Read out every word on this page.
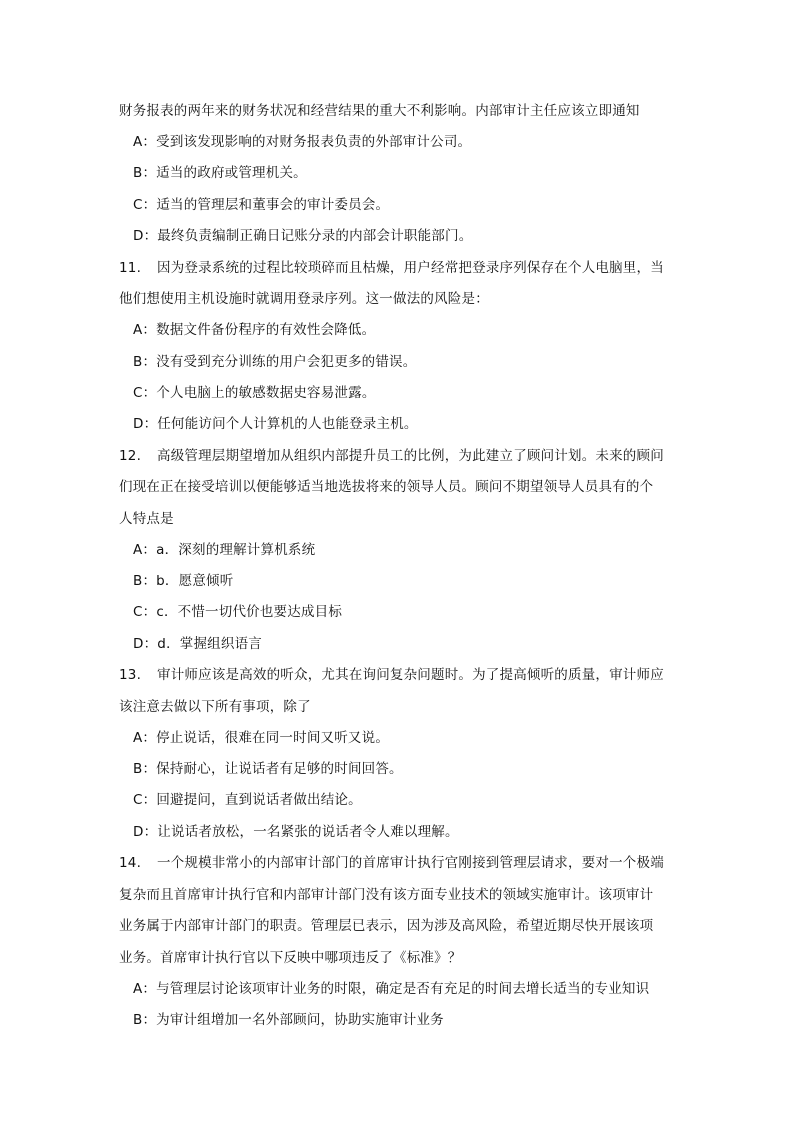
财务报表的两年来的财务状况和经营结果的重大不利影响。内部审计主任应该立即通知
A：受到该发现影响的对财务报表负责的外部审计公司。
B：适当的政府或管理机关。
C：适当的管理层和董事会的审计委员会。
D：最终负责编制正确日记账分录的内部会计职能部门。
11. 因为登录系统的过程比较琐碎而且枯燥，用户经常把登录序列保存在个人电脑里，当
他们想使用主机设施时就调用登录序列。这一做法的风险是：
A：数据文件备份程序的有效性会降低。
B：没有受到充分训练的用户会犯更多的错误。
C：个人电脑上的敏感数据史容易泄露。
D：任何能访问个人计算机的人也能登录主机。
12. 高级管理层期望增加从组织内部提升员工的比例，为此建立了顾问计划。未来的顾问
们现在正在接受培训以便能够适当地选拔将来的领导人员。顾问不期望领导人员具有的个
人特点是
A：a．深刻的理解计算机系统
B：b．愿意倾听
C：c．不惜一切代价也要达成目标
D：d．掌握组织语言
13. 审计师应该是高效的听众，尤其在询问复杂问题时。为了提高倾听的质量，审计师应
该注意去做以下所有事项，除了
A：停止说话，很难在同一时间又听又说。
B：保持耐心，让说话者有足够的时间回答。
C：回避提问，直到说话者做出结论。
D：让说话者放松，一名紧张的说话者令人难以理解。
14. 一个规模非常小的内部审计部门的首席审计执行官刚接到管理层请求，要对一个极端
复杂而且首席审计执行官和内部审计部门没有该方面专业技术的领域实施审计。该项审计
业务属于内部审计部门的职责。管理层已表示，因为涉及高风险，希望近期尽快开展该项
业务。首席审计执行官以下反映中哪项违反了《标准》？
A：与管理层讨论该项审计业务的时限，确定是否有充足的时间去增长适当的专业知识
B：为审计组增加一名外部顾问，协助实施审计业务
